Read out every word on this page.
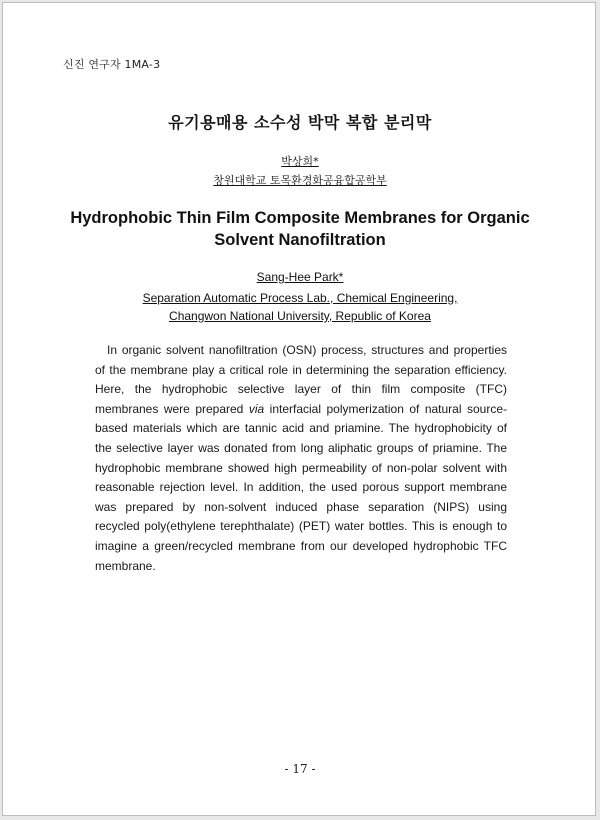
신진 연구자 1MA-3
유기용매용 소수성 박막 복합 분리막
박상희*
창원대학교 토목환경화공융합공학부
Hydrophobic Thin Film Composite Membranes for Organic
Solvent Nanofiltration
Sang-Hee Park*
Separation Automatic Process Lab., Chemical Engineering,
Changwon National University, Republic of Korea

In organic solvent nanofiltration (OSN) process, structures and properties of the membrane play a critical role in determining the separation efficiency. Here, the hydrophobic selective layer of thin film composite (TFC) membranes were prepared via interfacial polymerization of natural source-based materials which are tannic acid and priamine. The hydrophobicity of the selective layer was donated from long aliphatic groups of priamine. The hydrophobic membrane showed high permeability of non-polar solvent with reasonable rejection level. In addition, the used porous support membrane was prepared by non-solvent induced phase separation (NIPS) using recycled poly(ethylene terephthalate) (PET) water bottles. This is enough to imagine a green/recycled membrane from our developed hydrophobic TFC membrane.

- 17 -
